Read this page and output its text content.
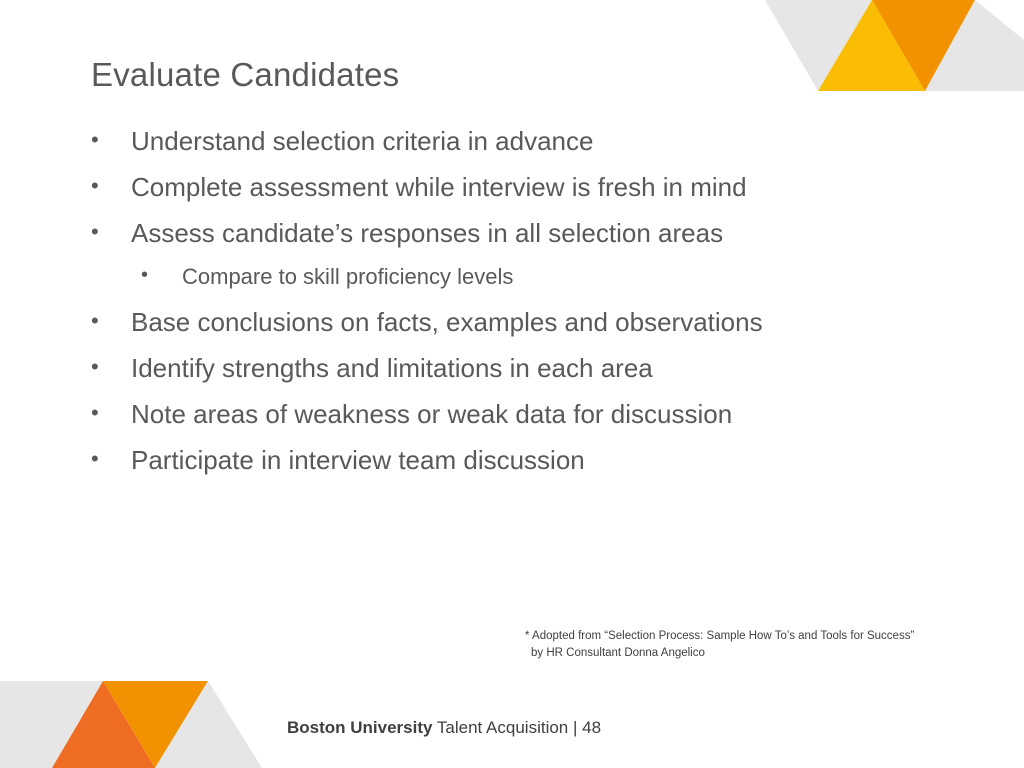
Evaluate Candidates
• Understand selection criteria in advance
• Complete assessment while interview is fresh in mind
• Assess candidate’s responses in all selection areas
• Compare to skill proficiency levels
• Base conclusions on facts, examples and observations
• Identify strengths and limitations in each area
• Note areas of weakness or weak data for discussion
• Participate in interview team discussion
* Adopted from “Selection Process: Sample How To’s and Tools for Success”
by HR Consultant Donna Angelico
Boston University Talent Acquisition | 48
